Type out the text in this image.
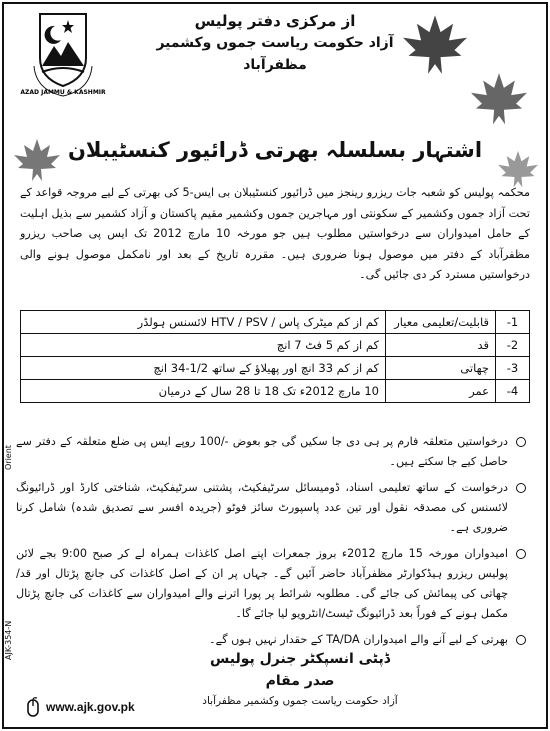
AZAD JAMMU & KASHMIR
از مرکزی دفتر پولیس
آزاد حکومت ریاست جموں وکشمیر مظفرآباد
اشتہار بسلسلہ بھرتی ڈرائیور کنسٹیبلان
محکمہ پولیس کو شعبہ جات ریزرو رینجز میں ڈرائیور کنسٹیبلان بی ایس-5 کی بھرتی کے لیے مروجہ قواعد کے تحت آزاد جموں وکشمیر کے سکونتی اور مہاجرین جموں وکشمیر مقیم پاکستان و آزاد کشمیر سے بذیل اہلیت کے حامل امیدواران سے درخواستیں مطلوب ہیں جو مورخہ 10 مارچ 2012 تک ایس پی صاحب ریزرو مظفرآباد کے دفتر میں موصول ہونا ضروری ہیں۔ مقررہ تاریخ کے بعد اور نامکمل موصول ہونے والی درخواستیں مسترد کر دی جائیں گی۔
-1	قابلیت/تعلیمی معیار	کم از کم میٹرک پاس / HTV / PSV لائسنس ہولڈر
-2	قد	کم از کم 5 فٹ 7 انچ
-3	چھاتی	کم از کم 33 انچ اور پھیلاؤ کے ساتھ 1/2-34 انچ
-4	عمر	10 مارچ 2012ء تک 18 تا 28 سال کے درمیان
درخواستیں متعلقہ فارم پر ہی دی جا سکیں گی جو بعوض -/100 روپے ایس پی ضلع متعلقہ کے دفتر سے حاصل کیے جا سکتے ہیں۔
درخواست کے ساتھ تعلیمی اسناد، ڈومیسائل سرٹیفکیٹ، پشتنی سرٹیفکیٹ، شناختی کارڈ اور ڈرائیونگ لائسنس کی مصدقہ نقول اور تین عدد پاسپورٹ سائز فوٹو (جریدہ افسر سے تصدیق شدہ) شامل کرنا ضروری ہے۔
امیدواران مورخہ 15 مارچ 2012ء بروز جمعرات اپنے اصل کاغذات ہمراہ لے کر صبح 9:00 بجے لائن پولیس ریزرو ہیڈکوارٹر مظفرآباد حاضر آئیں گے۔ جہاں پر ان کے اصل کاغذات کی جانچ پڑتال اور قد/چھاتی کی پیمائش کی جائے گی۔ مطلوبہ شرائط پر پورا اترنے والے امیدواران سے کاغذات کی جانچ پڑتال مکمل ہونے کے فوراً بعد ڈرائیونگ ٹیسٹ/انٹرویو لیا جائے گا۔
بھرتی کے لیے آنے والے امیدواران TA/DA کے حقدار نہیں ہوں گے۔
Orient
AJK-354-N	ڈپٹی انسپکٹر جنرل پولیس صدر مقام
آزاد حکومت ریاست جموں وکشمیر مظفرآباد
www.ajk.gov.pk
